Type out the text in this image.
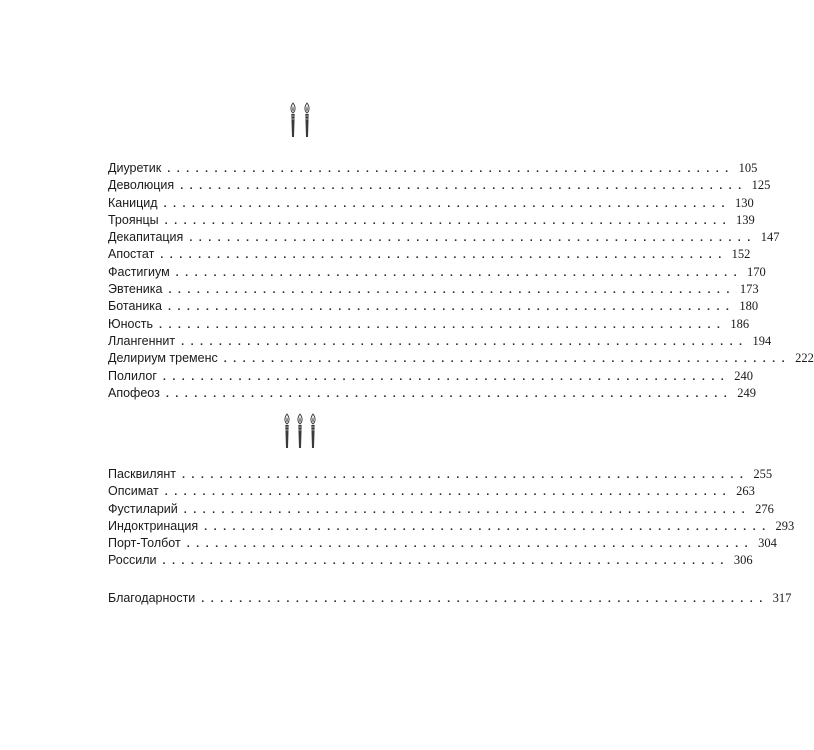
Диуретик ............................................................ 105
Деволюция ............................................................ 125
Каницид ............................................................ 130
Троянцы ............................................................ 139
Декапитация ............................................................ 147
Апостат ............................................................ 152
Фастигиум ............................................................ 170
Эвтеника ............................................................ 173
Ботаника ............................................................ 180
Юность ............................................................ 186
Ллангеннит ............................................................ 194
Делириум тременс ............................................................ 222
Полилог ............................................................ 240
Апофеоз ............................................................ 249
Пасквилянт ............................................................ 255
Опсимат ............................................................ 263
Фустиларий ............................................................ 276
Индоктринация ............................................................ 293
Порт-Толбот ............................................................ 304
Россили ............................................................ 306
Благодарности ............................................................ 317
